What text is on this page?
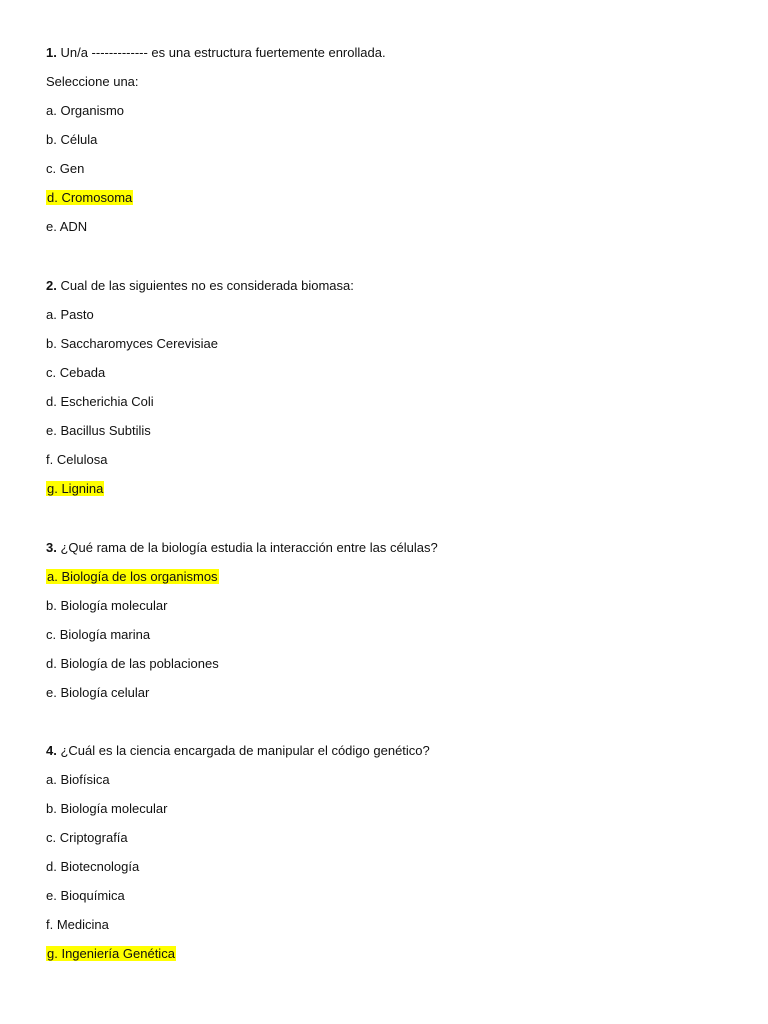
1. Un/a ------------- es una estructura fuertemente enrollada.
Seleccione una:
a. Organismo
b. Célula
c. Gen
d. Cromosoma
e. ADN
2. Cual de las siguientes no es considerada biomasa:
a. Pasto
b. Saccharomyces Cerevisiae
c. Cebada
d. Escherichia Coli
e. Bacillus Subtilis
f. Celulosa
g. Lignina
3. ¿Qué rama de la biología estudia la interacción entre las células?
a. Biología de los organismos
b. Biología molecular
c. Biología marina
d. Biología de las poblaciones
e. Biología celular
4. ¿Cuál es la ciencia encargada de manipular el código genético?
a. Biofísica
b. Biología molecular
c. Criptografía
d. Biotecnología
e. Bioquímica
f. Medicina
g. Ingeniería Genética
